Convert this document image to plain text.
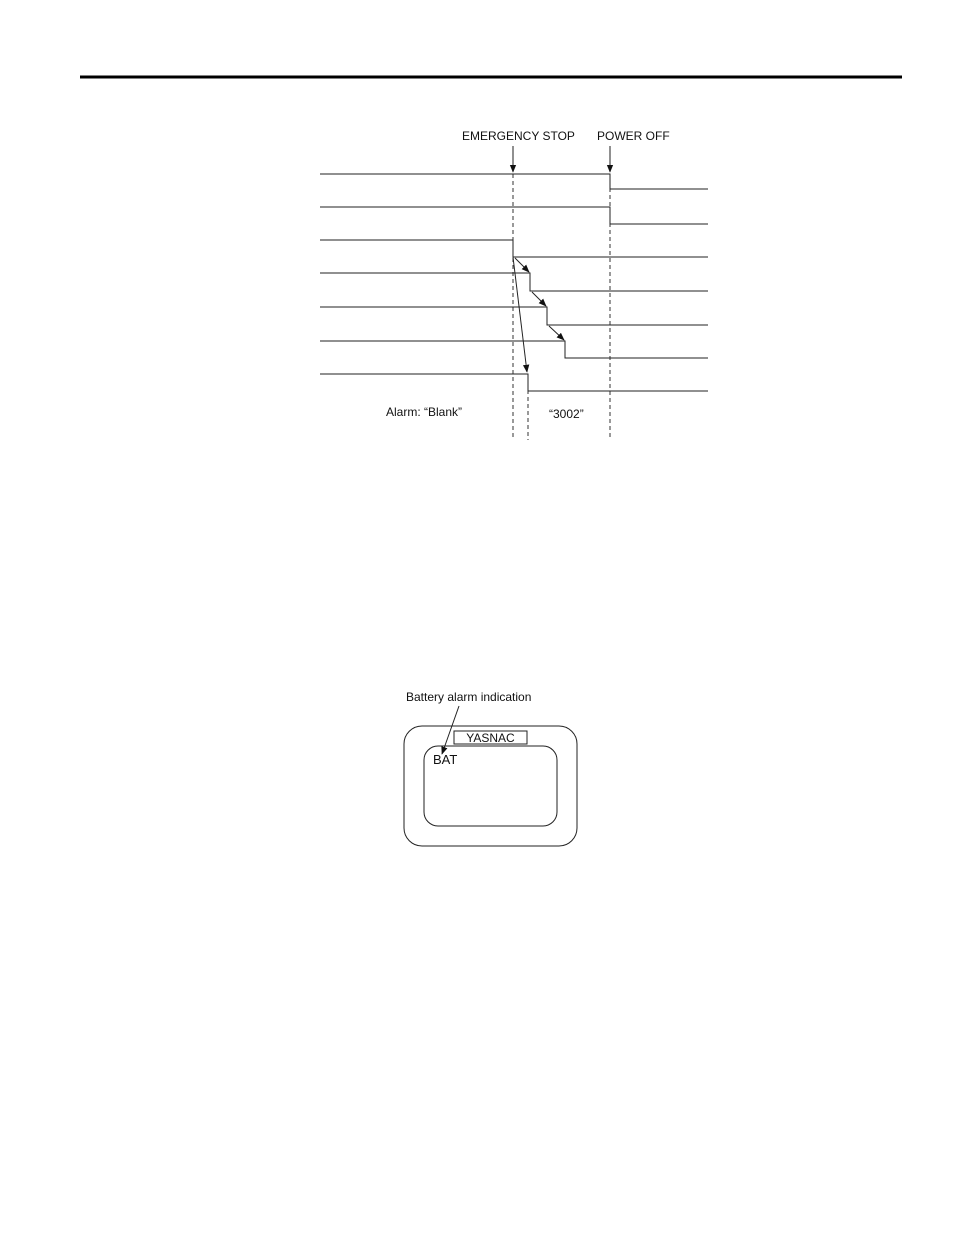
EMERGENCY STOP POWER OFF
Alarm: “Blank”	“3002”
Battery alarm indication
YASNAC
BAT
